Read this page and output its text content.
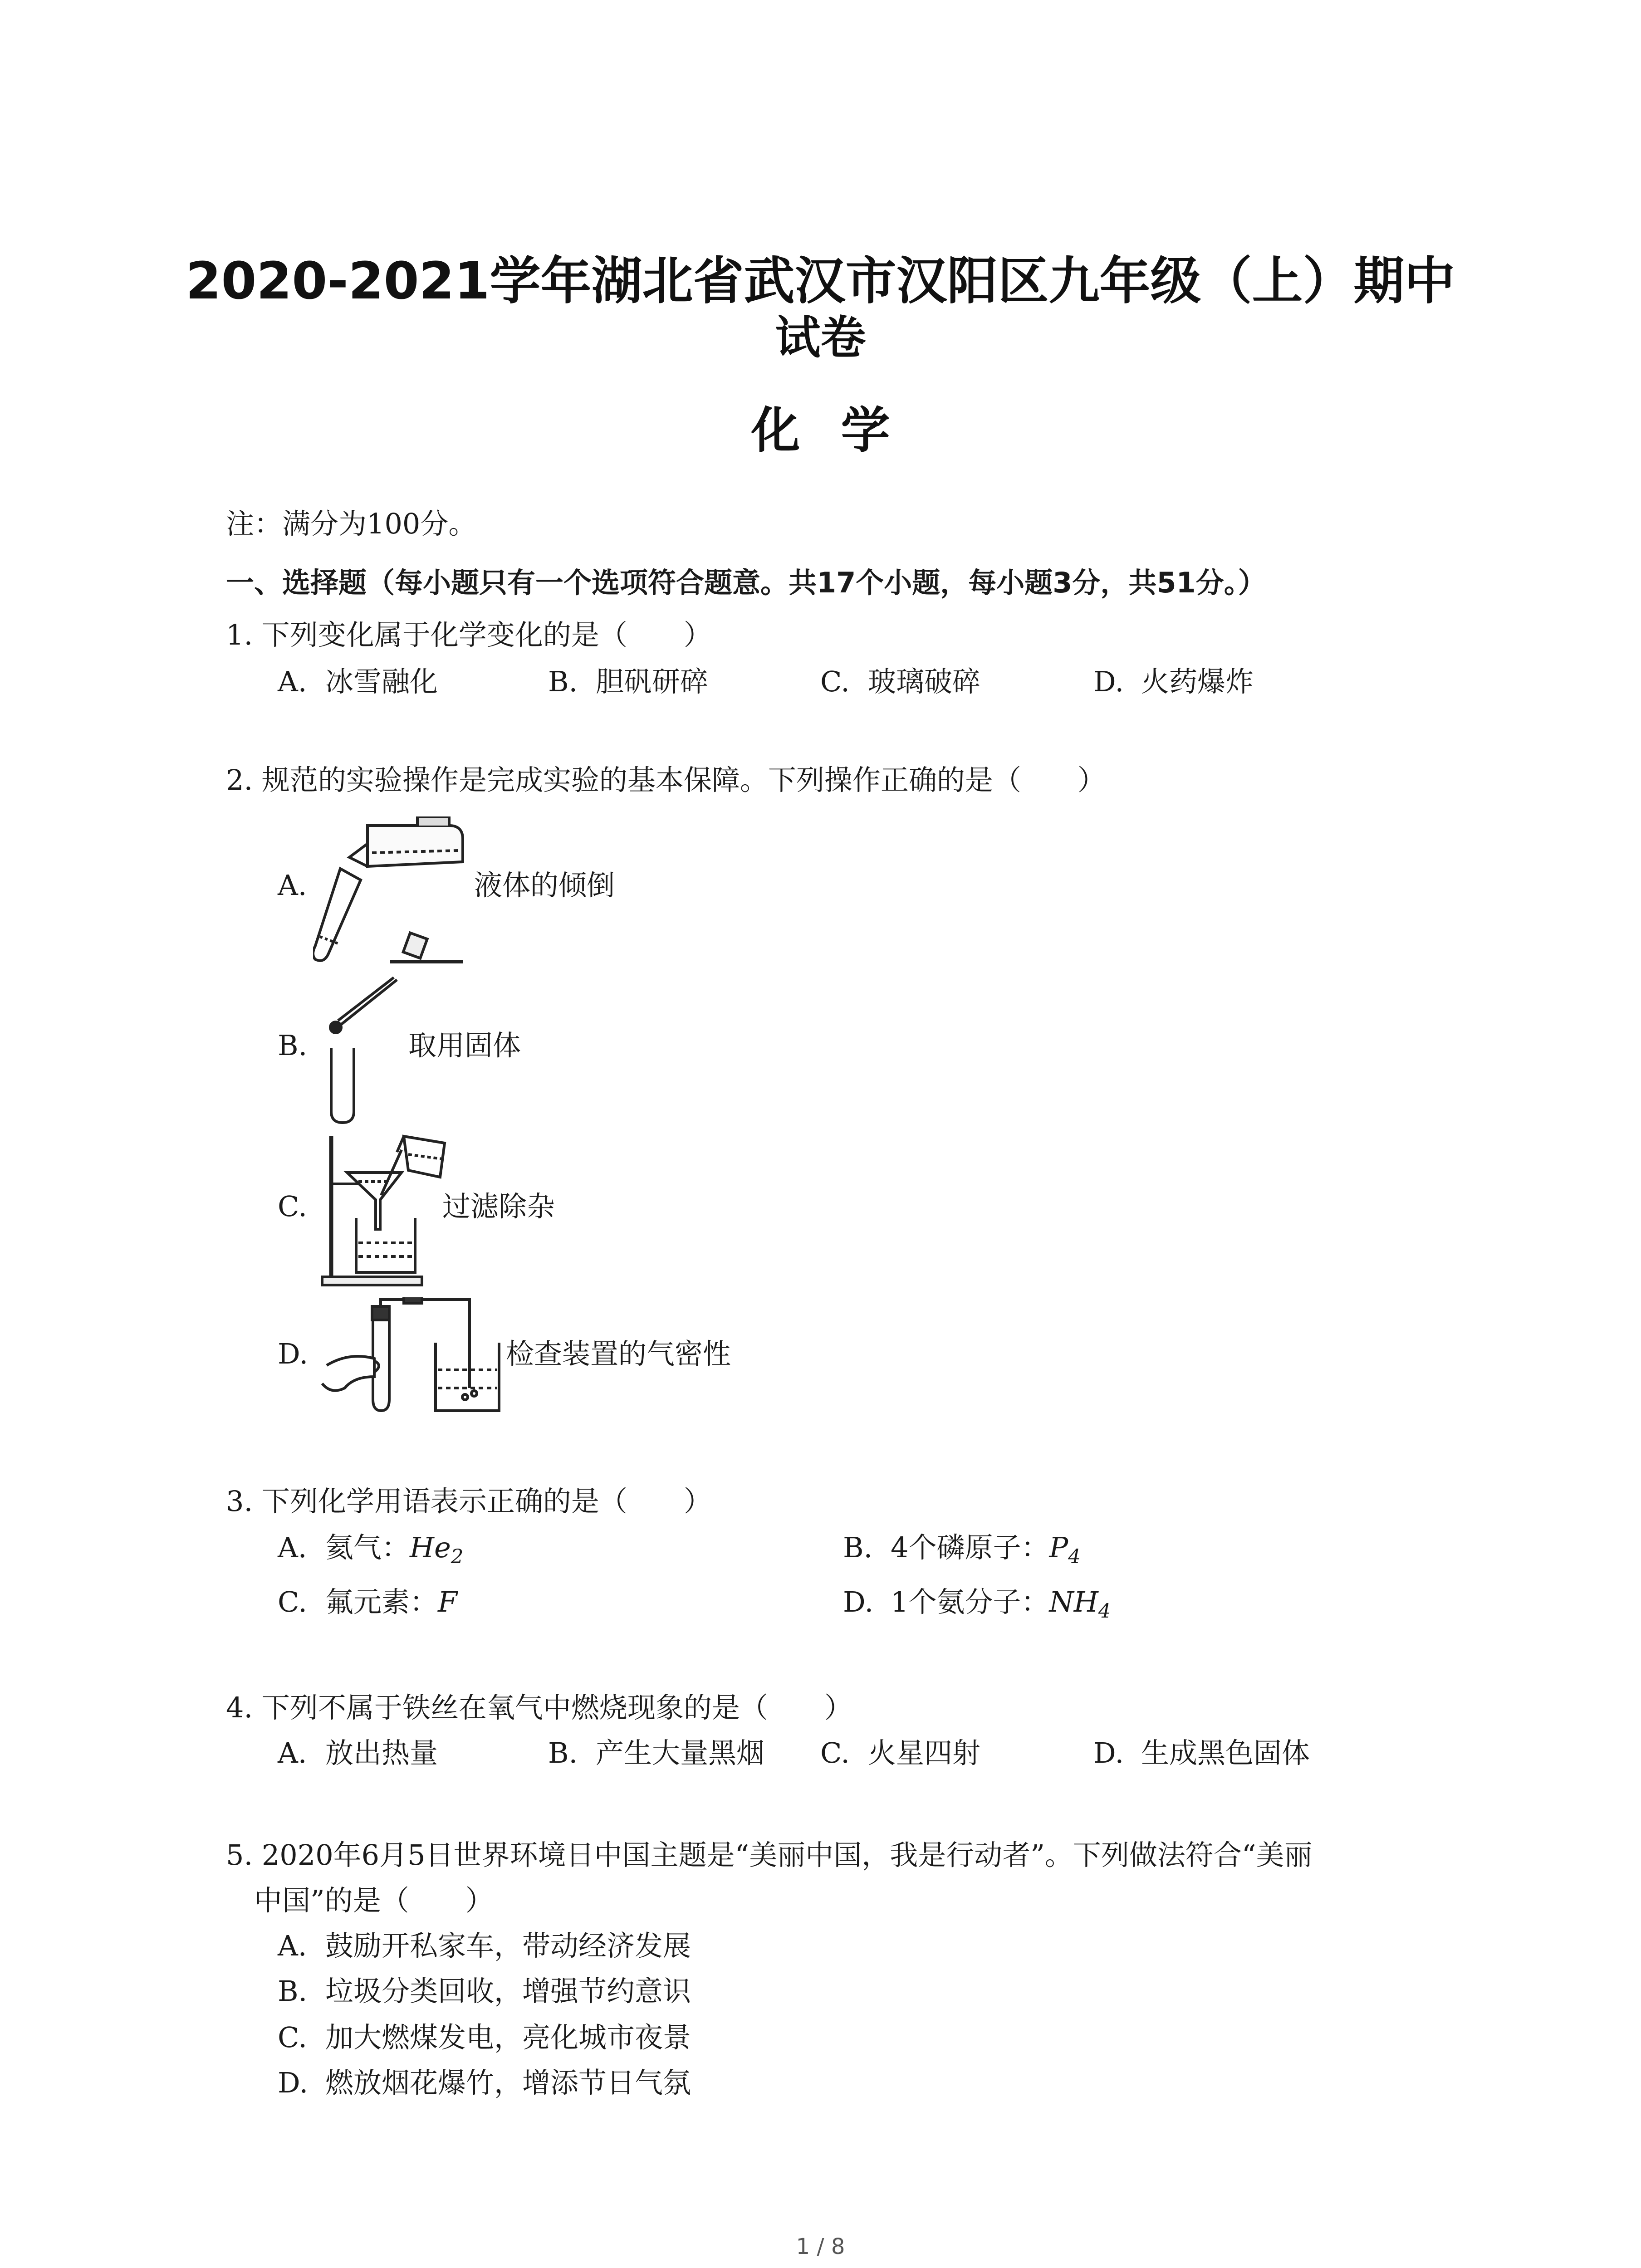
2020-2021学年湖北省武汉市汉阳区九年级（上）期中
试卷
化学
注：满分为100分。
一、选择题（每小题只有一个选项符合题意。共17个小题，每小题3分，共51分。）
1. 下列变化属于化学变化的是（　　）
A. 冰雪融化	B. 胆矾研碎	C. 玻璃破碎	D. 火药爆炸
2. 规范的实验操作是完成实验的基本保障。下列操作正确的是（　　）
A.	液体的倾倒
B.	取用固体
C.	过滤除杂
D.	检查装置的气密性
3. 下列化学用语表示正确的是（　　）
A. 氦气：$He_2$	B. 4个磷原子：$P_4$
C. 氟元素：F	D. 1个氨分子：$NH_4$
4. 下列不属于铁丝在氧气中燃烧现象的是（　　）
A. 放出热量	B. 产生大量黑烟 C. 火星四射	D. 生成黑色固体
5. 2020年6月5日世界环境日中国主题是“美丽中国，我是行动者”。下列做法符合“美丽
中国”的是（　　）
A. 鼓励开私家车，带动经济发展
B. 垃圾分类回收，增强节约意识
C. 加大燃煤发电，亮化城市夜景
D. 燃放烟花爆竹，增添节日气氛
1 / 8
